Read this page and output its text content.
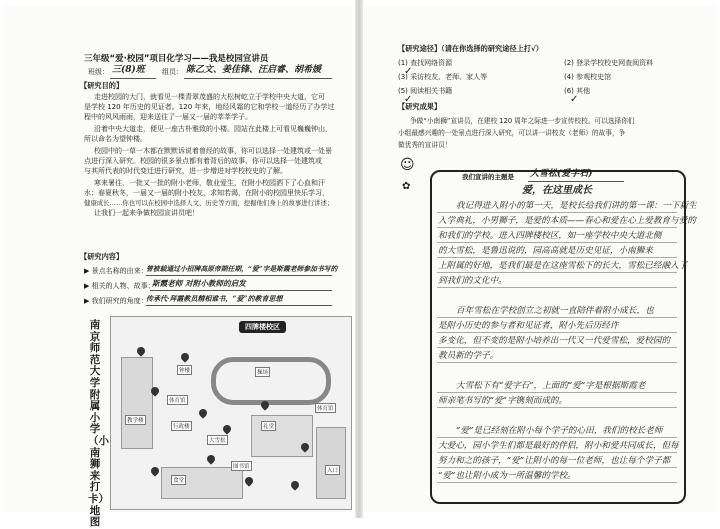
三年级“爱·校园”项目化学习——我是校园宣讲员
班级： 三(8)班 组员： 陈乙文、姜佳锋、汪启睿、胡希媛
【研究目的】
走进校园的大门，就看见一棵青翠茂盛的大松树屹立于学校中央大道，它可
是学校 120 年历史的见证者。120 年来，地经风霜的它和学校一道经历了办学过
程中的风风雨雨，迎来送往了一届又一届的莘莘学子。
沿着中央大道走，便见一座古朴雅致的小楼。园站在此楼上可看见巍巍钟山，
所以命名为望钟楼。
校园中的一草一木都在默默诉说着曾经的故事，你可以选择一处建筑或一处景
点进行深入研究。校园的很多景点都有着背后的故事，你可以选择一处建筑或
与其所代表的时代变迁进行研究，进一步增进对学校校史的了解。
寒来暑往，一批又一批的附小老师，敬业爱生，在附小校园洒下了心血和汗
水；春夏秋冬，一届又一届的附小校友，求知若渴，在附小的校园里快乐学习，
健康成长……你也可以在校园中选择人文、历史等方面，挖掘他们身上的故事进行讲述；
让我们一起来争做校园宣讲员吧！
【研究内容】
▶ 景点名称的由来：
曾被载通过小招牌高原帝期任期，“爱”字是斯霞老师参加书写的
▶ 相关的人物、故事：
斯霞老师 对附小教师的启发
▶ 我们研究的角度：
传承代·拜霞教员精相谁书，“爱”的教育思想
南京师范大学附属小学（小南狮来打卡）地图
四牌楼校区
体育馆
教学楼
钟楼
大雪松
操场
体育馆
行政楼	礼堂
图书馆
入口
食堂
【研究途径】（请在你选择的研究途径上打√）
(1) 查找网络资源	(2) 登录学校校史网查阅资料
(3) 采访校友、老师、家人等	(4) 参观校史馆
(5) 阅读相关书籍	(6) 其他
✓
✓	✓
【研究成果】
争做“小南狮”宣讲员，在建校 120 周年之际进一步宣传校校。可以选择你们
小组最感兴趣的一处景点进行深入研究，可以讲一讲校友（老师）的故事，争
做优秀的宣讲员！
☺
✿
我们宣讲的主题是 大雪松(爱字石)
爱，在这里成长
我记得进入附小的第一天，是校长给我们讲的第一课：一下新生
入学典礼，小男狮子，是爱的本质——春心和爱在心上爱教育与爱的
和我们的学校。进入四牌楼校区，如一座学校中央大道北侧
的大雪松，是鲁迅说的，园高高就是历史见证，小南狮来
上附属的好地，是我们最是在这座雪松下的长大，雪松已经融入了
到我们的文化中。
百年雪松在学校创立之初就一直陪伴着附小成长，也
是附小历史的参与者和见证者，附小先后历经许
多变化，但不变的是附小培养出一代又一代爱雪松，爱校园的
教员新的学子。
大雪松下有“爱字石”，上面的“爱”字是根据斯霞老
师亲笔书写的“爱”字镌刻而成的。
“爱”是已经刻在附小每个学子的心田，我们的校长老师
大爱心，园小学生们都是最好的伴侣，附小和爱共同成长，但每
努力和之的孩子，“爱”让附小的每一位老师，也让每个学子都
“爱”也让附小成为一所温馨的学校。
